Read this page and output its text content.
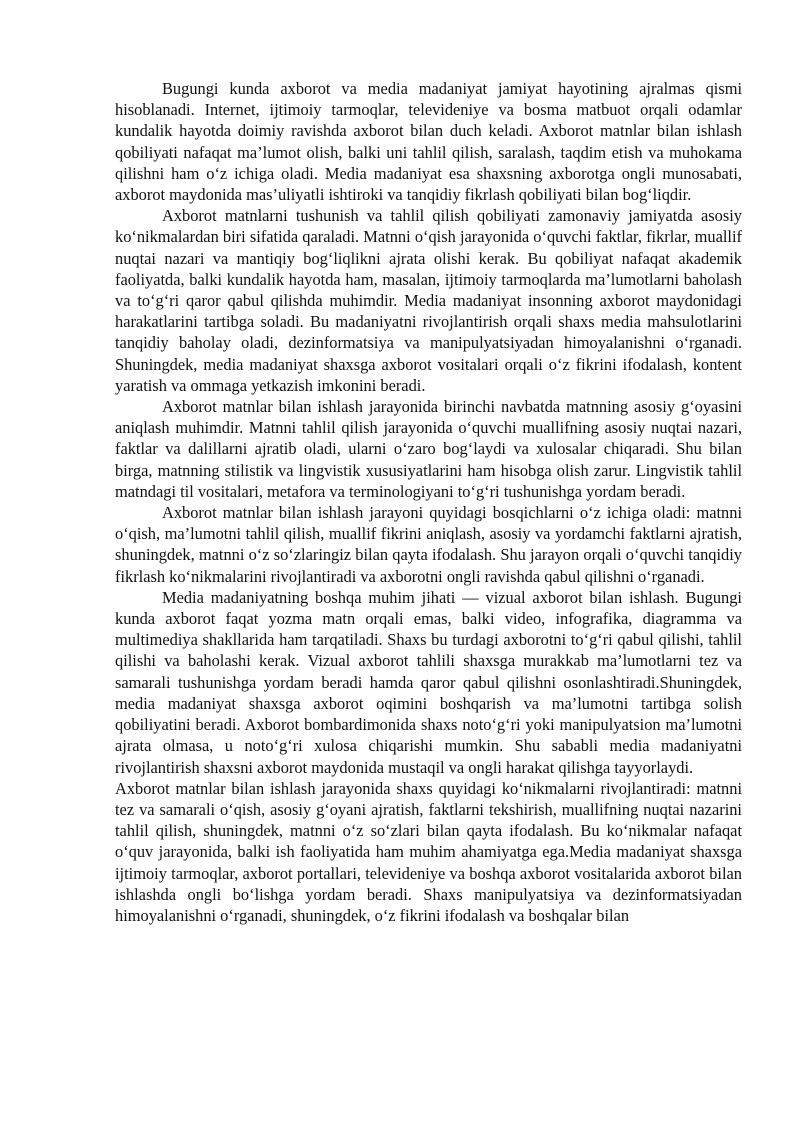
Bugungi kunda axborot va media madaniyat jamiyat hayotining ajralmas qismi hisoblanadi. Internet, ijtimoiy tarmoqlar, televideniye va bosma matbuot orqali odamlar kundalik hayotda doimiy ravishda axborot bilan duch keladi. Axborot matnlar bilan ishlash qobiliyati nafaqat ma’lumot olish, balki uni tahlil qilish, saralash, taqdim etish va muhokama qilishni ham o‘z ichiga oladi. Media madaniyat esa shaxsning axborotga ongli munosabati, axborot maydonida mas’uliyatli ishtiroki va tanqidiy fikrlash qobiliyati bilan bog‘liqdir.

Axborot matnlarni tushunish va tahlil qilish qobiliyati zamonaviy jamiyatda asosiy ko‘nikmalardan biri sifatida qaraladi. Matnni o‘qish jarayonida o‘quvchi faktlar, fikrlar, muallif nuqtai nazari va mantiqiy bog‘liqlikni ajrata olishi kerak. Bu qobiliyat nafaqat akademik faoliyatda, balki kundalik hayotda ham, masalan, ijtimoiy tarmoqlarda ma’lumotlarni baholash va to‘g‘ri qaror qabul qilishda muhimdir. Media madaniyat insonning axborot maydonidagi harakatlarini tartibga soladi. Bu madaniyatni rivojlantirish orqali shaxs media mahsulotlarini tanqidiy baholay oladi, dezinformatsiya va manipulyatsiyadan himoyalanishni o‘rganadi. Shuningdek, media madaniyat shaxsga axborot vositalari orqali o‘z fikrini ifodalash, kontent yaratish va ommaga yetkazish imkonini beradi.

Axborot matnlar bilan ishlash jarayonida birinchi navbatda matnning asosiy g‘oyasini aniqlash muhimdir. Matnni tahlil qilish jarayonida o‘quvchi muallifning asosiy nuqtai nazari, faktlar va dalillarni ajratib oladi, ularni o‘zaro bog‘laydi va xulosalar chiqaradi. Shu bilan birga, matnning stilistik va lingvistik xususiyatlarini ham hisobga olish zarur. Lingvistik tahlil matndagi til vositalari, metafora va terminologiyani to‘g‘ri tushunishga yordam beradi.

Axborot matnlar bilan ishlash jarayoni quyidagi bosqichlarni o‘z ichiga oladi: matnni o‘qish, ma’lumotni tahlil qilish, muallif fikrini aniqlash, asosiy va yordamchi faktlarni ajratish, shuningdek, matnni o‘z so‘zlaringiz bilan qayta ifodalash. Shu jarayon orqali o‘quvchi tanqidiy fikrlash ko‘nikmalarini rivojlantiradi va axborotni ongli ravishda qabul qilishni o‘rganadi.

Media madaniyatning boshqa muhim jihati — vizual axborot bilan ishlash. Bugungi kunda axborot faqat yozma matn orqali emas, balki video, infografika, diagramma va multimediya shakllarida ham tarqatiladi. Shaxs bu turdagi axborotni to‘g‘ri qabul qilishi, tahlil qilishi va baholashi kerak. Vizual axborot tahlili shaxsga murakkab ma’lumotlarni tez va samarali tushunishga yordam beradi hamda qaror qabul qilishni osonlashtiradi.Shuningdek, media madaniyat shaxsga axborot oqimini boshqarish va ma’lumotni tartibga solish qobiliyatini beradi. Axborot bombardimonida shaxs noto‘g‘ri yoki manipulyatsion ma’lumotni ajrata olmasa, u noto‘g‘ri xulosa chiqarishi mumkin. Shu sababli media madaniyatni rivojlantirish shaxsni axborot maydonida mustaqil va ongli harakat qilishga tayyorlaydi.

Axborot matnlar bilan ishlash jarayonida shaxs quyidagi ko‘nikmalarni rivojlantiradi: matnni tez va samarali o‘qish, asosiy g‘oyani ajratish, faktlarni tekshirish, muallifning nuqtai nazarini tahlil qilish, shuningdek, matnni o‘z so‘zlari bilan qayta ifodalash. Bu ko‘nikmalar nafaqat o‘quv jarayonida, balki ish faoliyatida ham muhim ahamiyatga ega.Media madaniyat shaxsga ijtimoiy tarmoqlar, axborot portallari, televideniye va boshqa axborot vositalarida axborot bilan ishlashda ongli bo‘lishga yordam beradi. Shaxs manipulyatsiya va dezinformatsiyadan himoyalanishni o‘rganadi, shuningdek, o‘z fikrini ifodalash va boshqalar bilan
